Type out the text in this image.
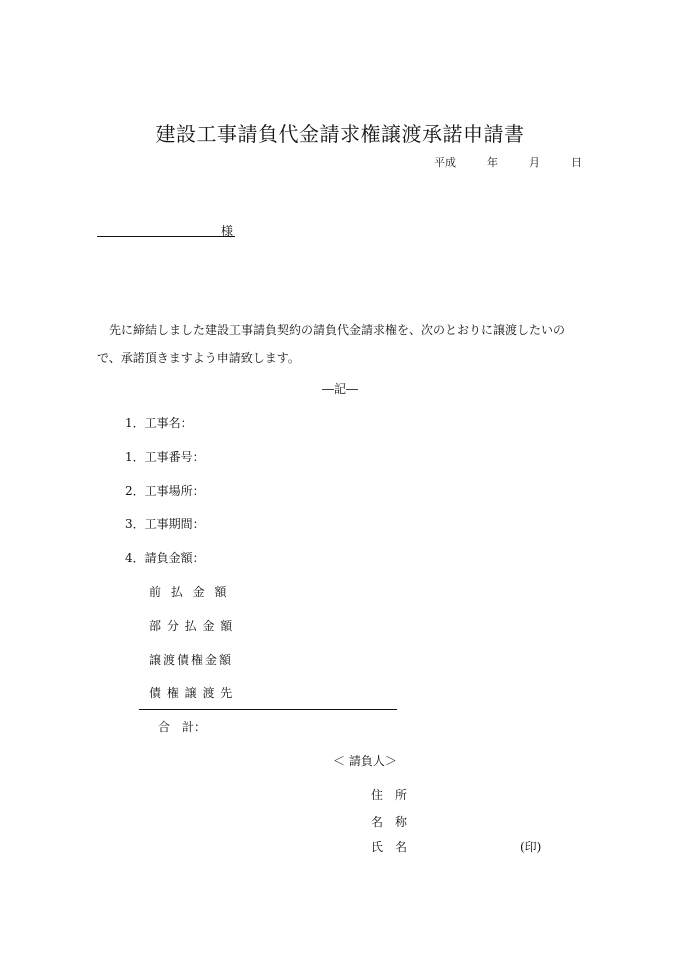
建設工事請負代金請求権譲渡承諾申請書
平成	年	月	日
様
先に締結しました建設工事請負契約の請負代金請求権を、次のとおりに譲渡したいの
で、承諾頂きますよう申請致します。
―記―
1．工事名：
1．工事番号：
2．工事場所：
3．工事期間：
4．請負金額：
前 払 金 額
部 分 払 金 額
譲渡債権金額
債 権 譲 渡 先
合　計：
＜ 請負人＞
住　所
名　称
氏　名	(印)
